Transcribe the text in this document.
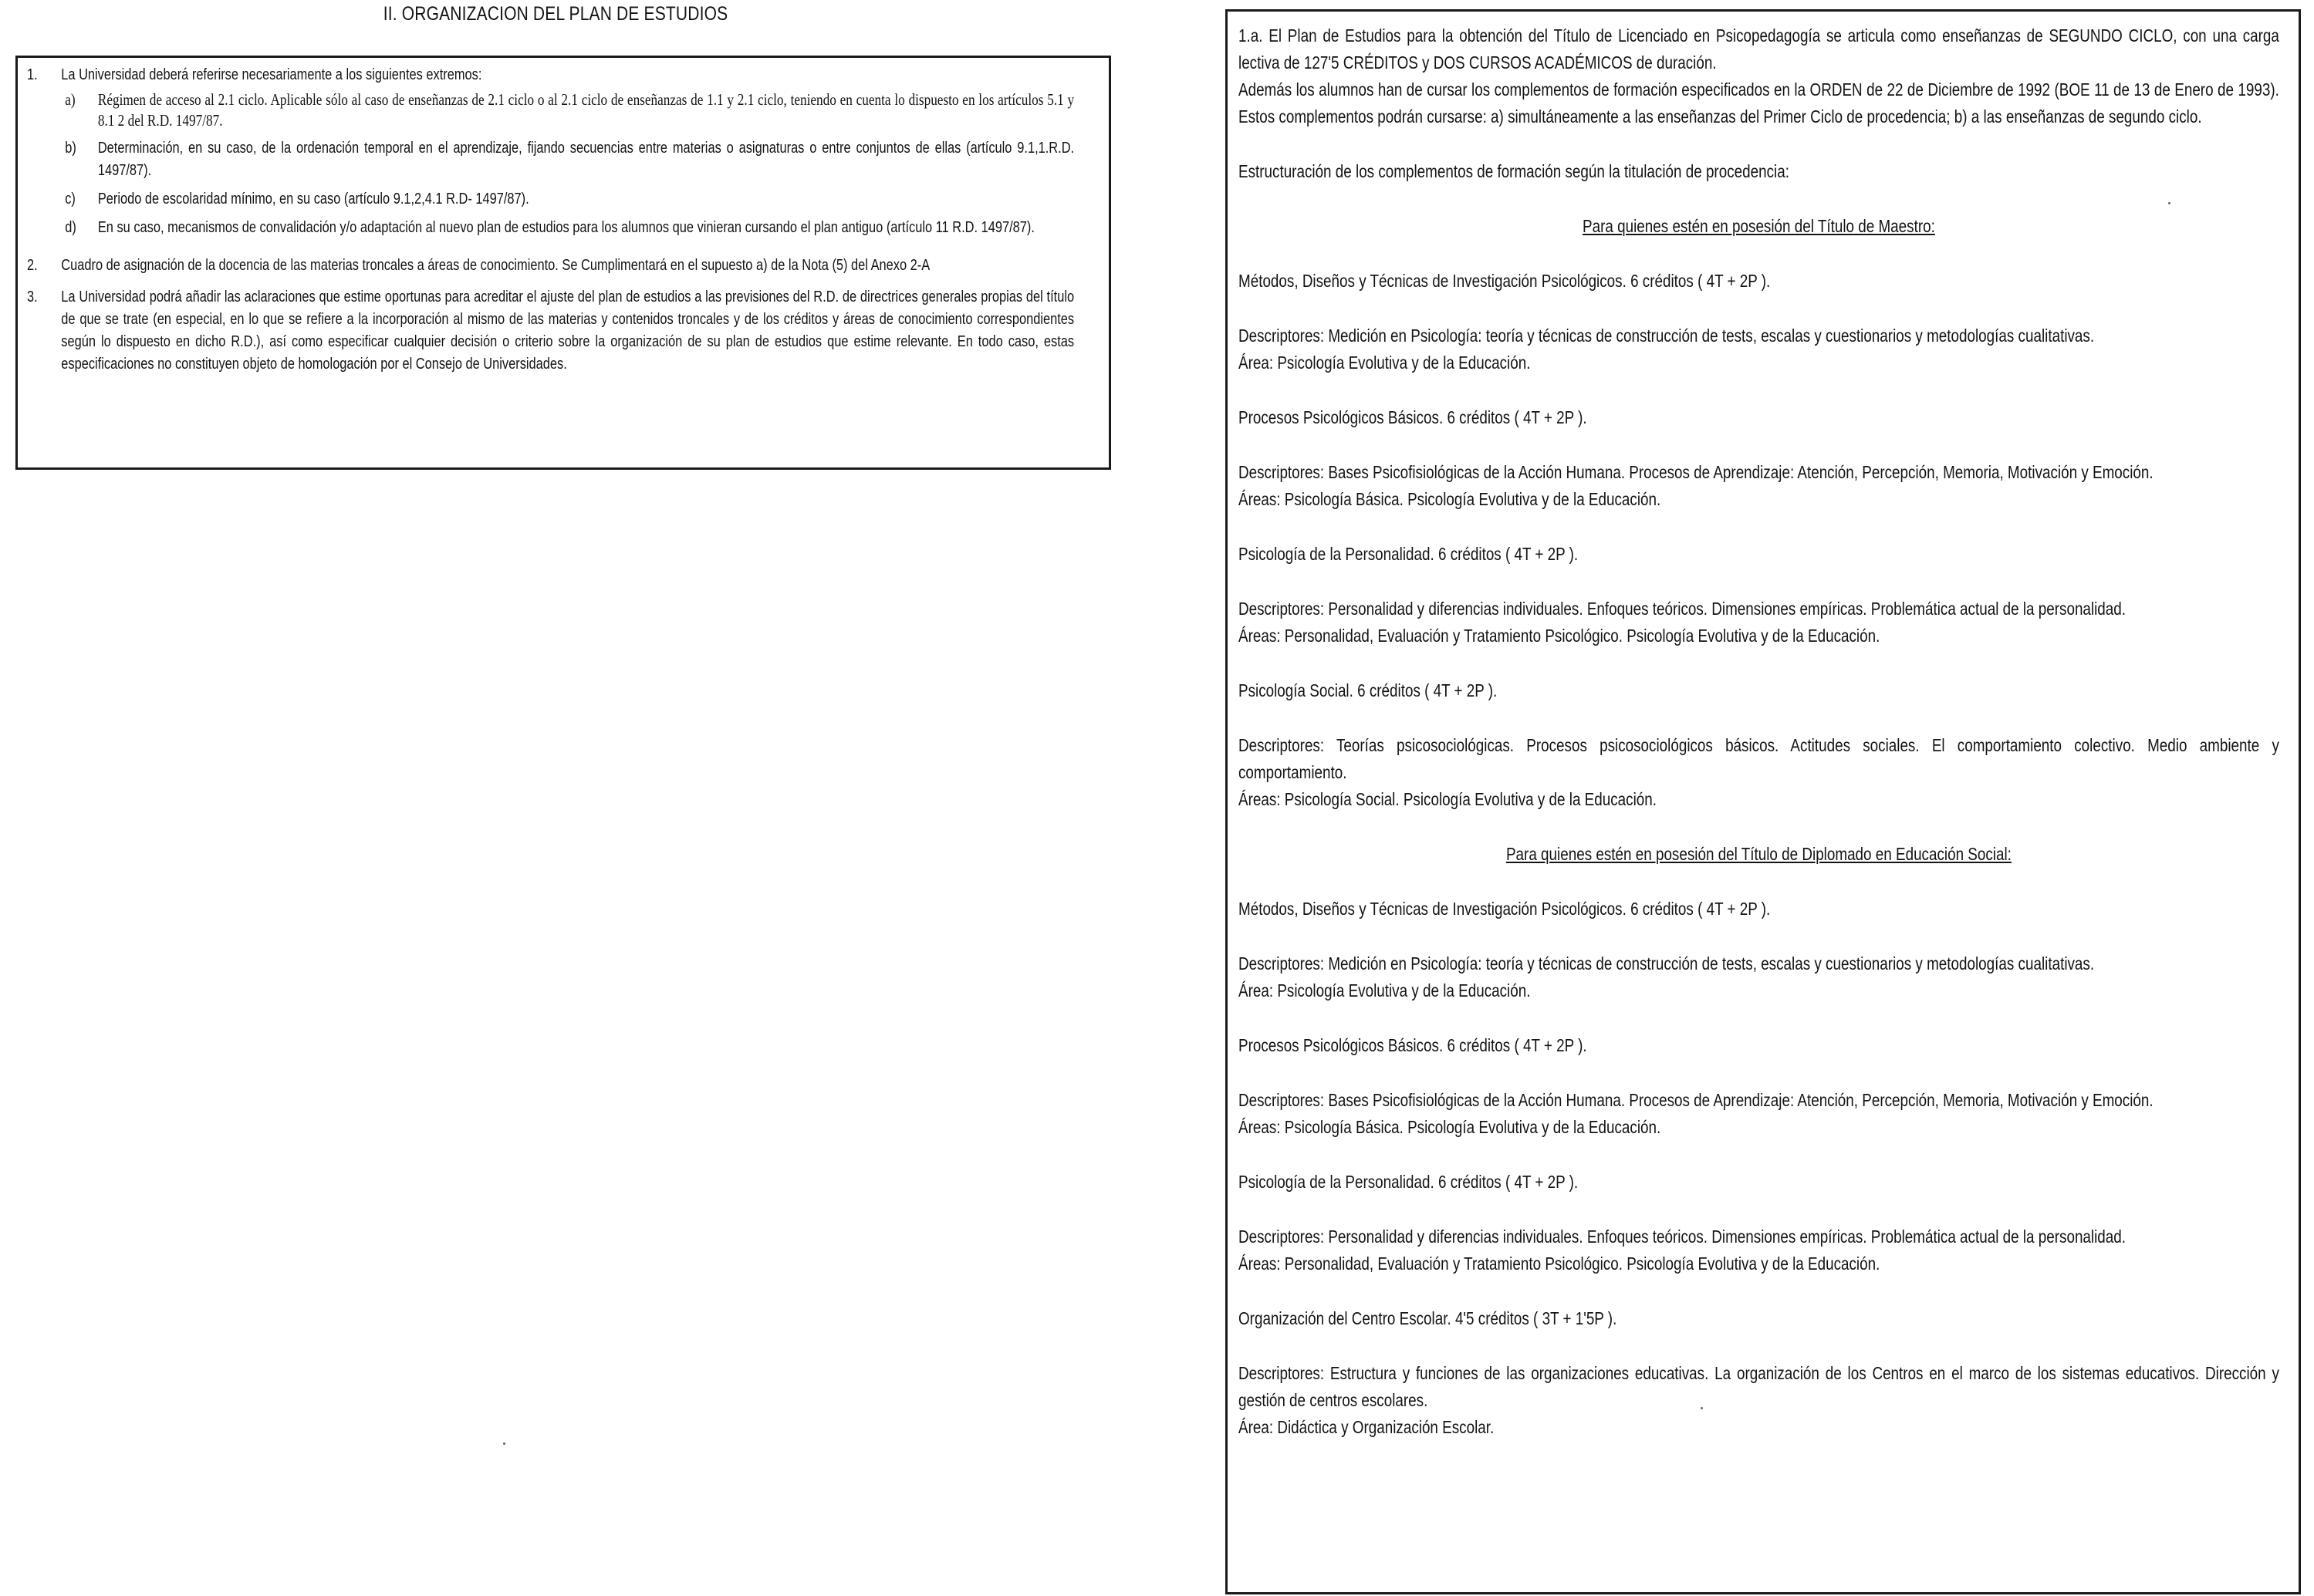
II. ORGANIZACION DEL PLAN DE ESTUDIOS
1.	La Universidad deberá referirse necesariamente a los siguientes extremos:
a)	Régimen de acceso al 2.1 ciclo. Aplicable sólo al caso de enseñanzas de 2.1 ciclo o al 2.1 ciclo de enseñanzas de 1.1 y 2.1 ciclo, teniendo en cuenta lo dispuesto en los artículos 5.1 y 8.1 2 del R.D. 1497/87.
b)	Determinación, en su caso, de la ordenación temporal en el aprendizaje, fijando secuencias entre materias o asignaturas o entre conjuntos de ellas (artículo 9.1,1.R.D. 1497/87).
c)	Periodo de escolaridad mínimo, en su caso (artículo 9.1,2,4.1 R.D- 1497/87).
d)	En su caso, mecanismos de convalidación y/o adaptación al nuevo plan de estudios para los alumnos que vinieran cursando el plan antiguo (artículo 11 R.D. 1497/87).
2.	Cuadro de asignación de la docencia de las materias troncales a áreas de conocimiento. Se Cumplimentará en el supuesto a) de la Nota (5) del Anexo 2-A
3.	La Universidad podrá añadir las aclaraciones que estime oportunas para acreditar el ajuste del plan de estudios a las previsiones del R.D. de directrices generales propias del título de que se trate (en especial, en lo que se refiere a la incorporación al mismo de las materias y contenidos troncales y de los créditos y áreas de conocimiento correspondientes según lo dispuesto en dicho R.D.), así como especificar cualquier decisión o criterio sobre la organización de su plan de estudios que estime relevante. En todo caso, estas especificaciones no constituyen objeto de homologación por el Consejo de Universidades.

1.a. El Plan de Estudios para la obtención del Título de Licenciado en Psicopedagogía se articula como enseñanzas de SEGUNDO CICLO, con una carga lectiva de 127'5 CRÉDITOS y DOS CURSOS ACADÉMICOS de duración.

Además los alumnos han de cursar los complementos de formación especificados en la ORDEN de 22 de Diciembre de 1992 (BOE 11 de 13 de Enero de 1993). Estos complementos podrán cursarse: a) simultáneamente a las enseñanzas del Primer Ciclo de procedencia; b) a las enseñanzas de segundo ciclo.

Estructuración de los complementos de formación según la titulación de procedencia:

Para quienes estén en posesión del Título de Maestro:

Métodos, Diseños y Técnicas de Investigación Psicológicos. 6 créditos ( 4T + 2P ).

Descriptores: Medición en Psicología: teoría y técnicas de construcción de tests, escalas y cuestionarios y metodologías cualitativas.

Área: Psicología Evolutiva y de la Educación.

Procesos Psicológicos Básicos. 6 créditos ( 4T + 2P ).

Descriptores: Bases Psicofisiológicas de la Acción Humana. Procesos de Aprendizaje: Atención, Percepción, Memoria, Motivación y Emoción.

Áreas: Psicología Básica. Psicología Evolutiva y de la Educación.

Psicología de la Personalidad. 6 créditos ( 4T + 2P ).

Descriptores: Personalidad y diferencias individuales. Enfoques teóricos. Dimensiones empíricas. Problemática actual de la personalidad.

Áreas: Personalidad, Evaluación y Tratamiento Psicológico. Psicología Evolutiva y de la Educación.

Psicología Social. 6 créditos ( 4T + 2P ).

Descriptores: Teorías psicosociológicas. Procesos psicosociológicos básicos. Actitudes sociales. El comportamiento colectivo. Medio ambiente y comportamiento.

Áreas: Psicología Social. Psicología Evolutiva y de la Educación.

Para quienes estén en posesión del Título de Diplomado en Educación Social:

Métodos, Diseños y Técnicas de Investigación Psicológicos. 6 créditos ( 4T + 2P ).

Descriptores: Medición en Psicología: teoría y técnicas de construcción de tests, escalas y cuestionarios y metodologías cualitativas.

Área: Psicología Evolutiva y de la Educación.

Procesos Psicológicos Básicos. 6 créditos ( 4T + 2P ).

Descriptores: Bases Psicofisiológicas de la Acción Humana. Procesos de Aprendizaje: Atención, Percepción, Memoria, Motivación y Emoción.

Áreas: Psicología Básica. Psicología Evolutiva y de la Educación.

Psicología de la Personalidad. 6 créditos ( 4T + 2P ).

Descriptores: Personalidad y diferencias individuales. Enfoques teóricos. Dimensiones empíricas. Problemática actual de la personalidad.

Áreas: Personalidad, Evaluación y Tratamiento Psicológico. Psicología Evolutiva y de la Educación.

Organización del Centro Escolar. 4'5 créditos ( 3T + 1'5P ).

Descriptores: Estructura y funciones de las organizaciones educativas. La organización de los Centros en el marco de los sistemas educativos. Dirección y gestión de centros escolares.

Área: Didáctica y Organización Escolar.
